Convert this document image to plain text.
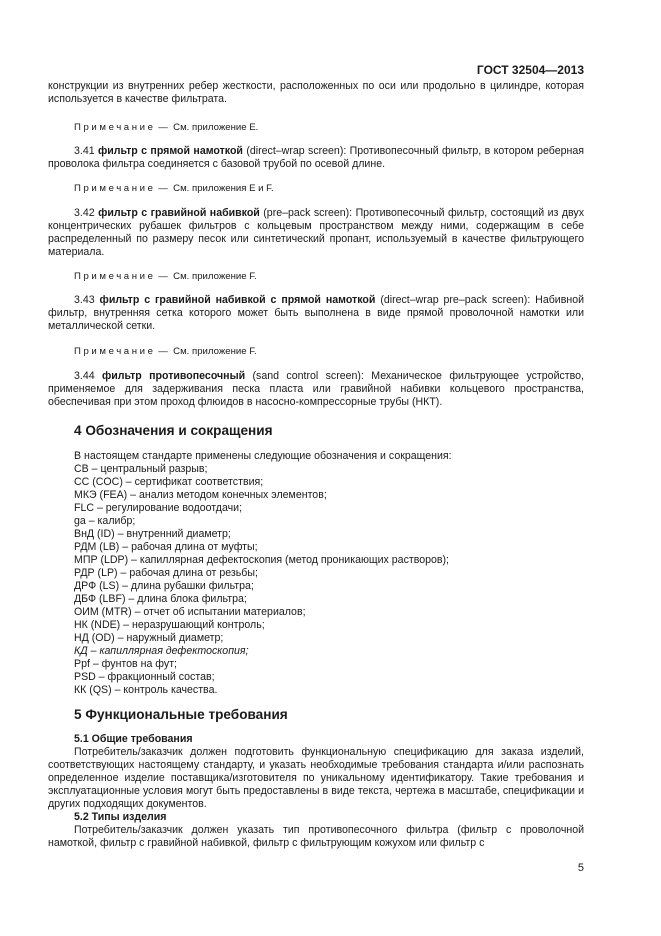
ГОСТ 32504—2013

конструкции из внутренних ребер жесткости, расположенных по оси или продольно в цилиндре, которая используется в качестве фильтрата.

Примечание — См. приложение Е.

3.41 фильтр с прямой намоткой (direct–wrap screen): Противопесочный фильтр, в котором реберная проволока фильтра соединяется с базовой трубой по осевой длине.

Примечание — См. приложения Е и F.

3.42 фильтр с гравийной набивкой (pre–pack screen): Противопесочный фильтр, состоящий из двух концентрических рубашек фильтров с кольцевым пространством между ними, содержащим в себе распределенный по размеру песок или синтетический пропант, используемый в качестве фильтрующего материала.

Примечание — См. приложение F.

3.43 фильтр с гравийной набивкой с прямой намоткой (direct–wrap pre–pack screen): Набивной фильтр, внутренняя сетка которого может быть выполнена в виде прямой проволочной намотки или металлической сетки.

Примечание — См. приложение F.

3.44 фильтр противопесочный (sand control screen): Механическое фильтрующее устройство, применяемое для задерживания песка пласта или гравийной набивки кольцевого пространства, обеспечивая при этом проход флюидов в насосно-компрессорные трубы (НКТ).

4 Обозначения и сокращения
В настоящем стандарте применены следующие обозначения и сокращения:
CB – центральный разрыв;
CC (COC) – сертификат соответствия;
МКЭ (FEA) – анализ методом конечных элементов;
FLC – регулирование водоотдачи;
ga – калибр;
ВнД (ID) – внутренний диаметр;
РДМ (LB) – рабочая длина от муфты;
МПР (LDP) – капиллярная дефектоскопия (метод проникающих растворов);
РДР (LP) – рабочая длина от резьбы;
ДРФ (LS) – длина рубашки фильтра;
ДБФ (LBF) – длина блока фильтра;
ОИМ (MTR) – отчет об испытании материалов;
НК (NDE) – неразрушающий контроль;
НД (OD) – наружный диаметр;
КД – капиллярная дефектоскопия;
Ppf – фунтов на фут;
PSD – фракционный состав;
КК (QS) – контроль качества.
5 Функциональные требования
5.1 Общие требования

Потребитель/заказчик должен подготовить функциональную спецификацию для заказа изделий, соответствующих настоящему стандарту, и указать необходимые требования стандарта и/или распознать определенное изделие поставщика/изготовителя по уникальному идентификатору. Такие требования и эксплуатационные условия могут быть предоставлены в виде текста, чертежа в масштабе, спецификации и других подходящих документов.

5.2 Типы изделия

Потребитель/заказчик должен указать тип противопесочного фильтра (фильтр с проволочной намоткой, фильтр с гравийной набивкой, фильтр с фильтрующим кожухом или фильтр с

5
